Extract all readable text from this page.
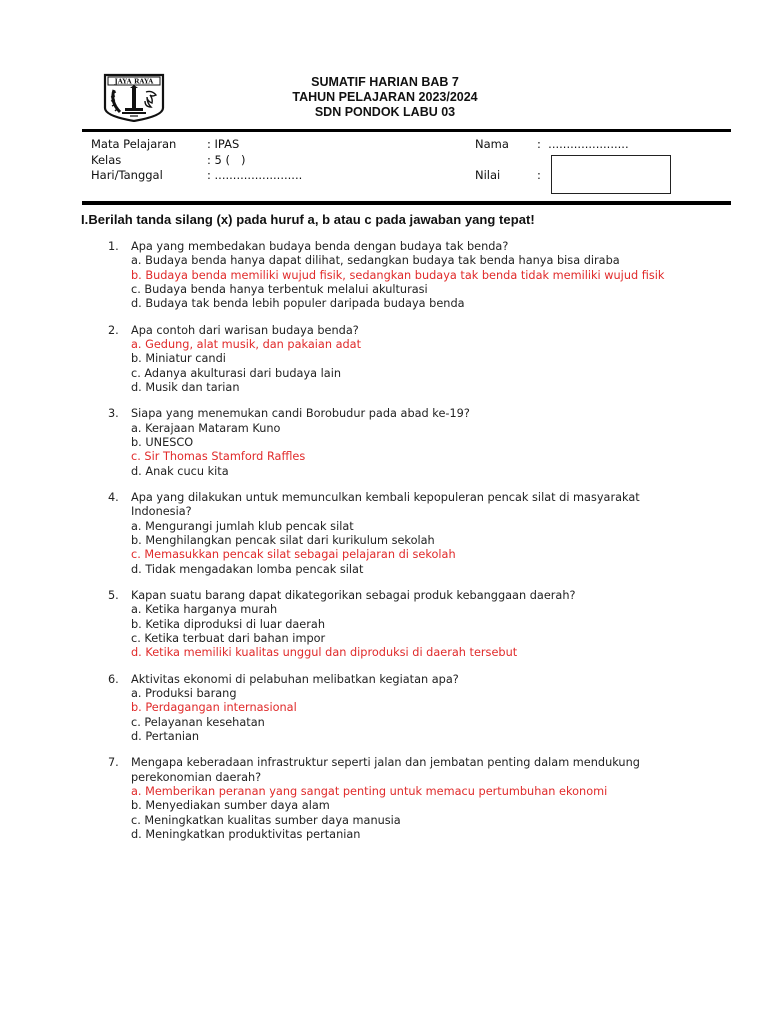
JAYA RAYA	SUMATIF HARIAN BAB 7
TAHUN PELAJARAN 2023/2024
SDN PONDOK LABU 03
Mata Pelajaran	: IPAS
Kelas	: 5 (   )
Hari/Tanggal	: ........................
Nama	:  ......................
Nilai	:
I.Berilah tanda silang (x) pada huruf a, b atau c pada jawaban yang tepat!
1.	Apa yang membedakan budaya benda dengan budaya tak benda?
a. Budaya benda hanya dapat dilihat, sedangkan budaya tak benda hanya bisa diraba
b. Budaya benda memiliki wujud fisik, sedangkan budaya tak benda tidak memiliki wujud fisik
c. Budaya benda hanya terbentuk melalui akulturasi
d. Budaya tak benda lebih populer daripada budaya benda
2.	Apa contoh dari warisan budaya benda?
a. Gedung, alat musik, dan pakaian adat
b. Miniatur candi
c. Adanya akulturasi dari budaya lain
d. Musik dan tarian
3.	Siapa yang menemukan candi Borobudur pada abad ke-19?
a. Kerajaan Mataram Kuno
b. UNESCO
c. Sir Thomas Stamford Raffles
d. Anak cucu kita
4.	Apa yang dilakukan untuk memunculkan kembali kepopuleran pencak silat di masyarakat Indonesia?
a. Mengurangi jumlah klub pencak silat
b. Menghilangkan pencak silat dari kurikulum sekolah
c. Memasukkan pencak silat sebagai pelajaran di sekolah
d. Tidak mengadakan lomba pencak silat
5.	Kapan suatu barang dapat dikategorikan sebagai produk kebanggaan daerah?
a. Ketika harganya murah
b. Ketika diproduksi di luar daerah
c. Ketika terbuat dari bahan impor
d. Ketika memiliki kualitas unggul dan diproduksi di daerah tersebut
6.	Aktivitas ekonomi di pelabuhan melibatkan kegiatan apa?
a. Produksi barang
b. Perdagangan internasional
c. Pelayanan kesehatan
d. Pertanian
7.	Mengapa keberadaan infrastruktur seperti jalan dan jembatan penting dalam mendukung perekonomian daerah?
a. Memberikan peranan yang sangat penting untuk memacu pertumbuhan ekonomi
b. Menyediakan sumber daya alam
c. Meningkatkan kualitas sumber daya manusia
d. Meningkatkan produktivitas pertanian
